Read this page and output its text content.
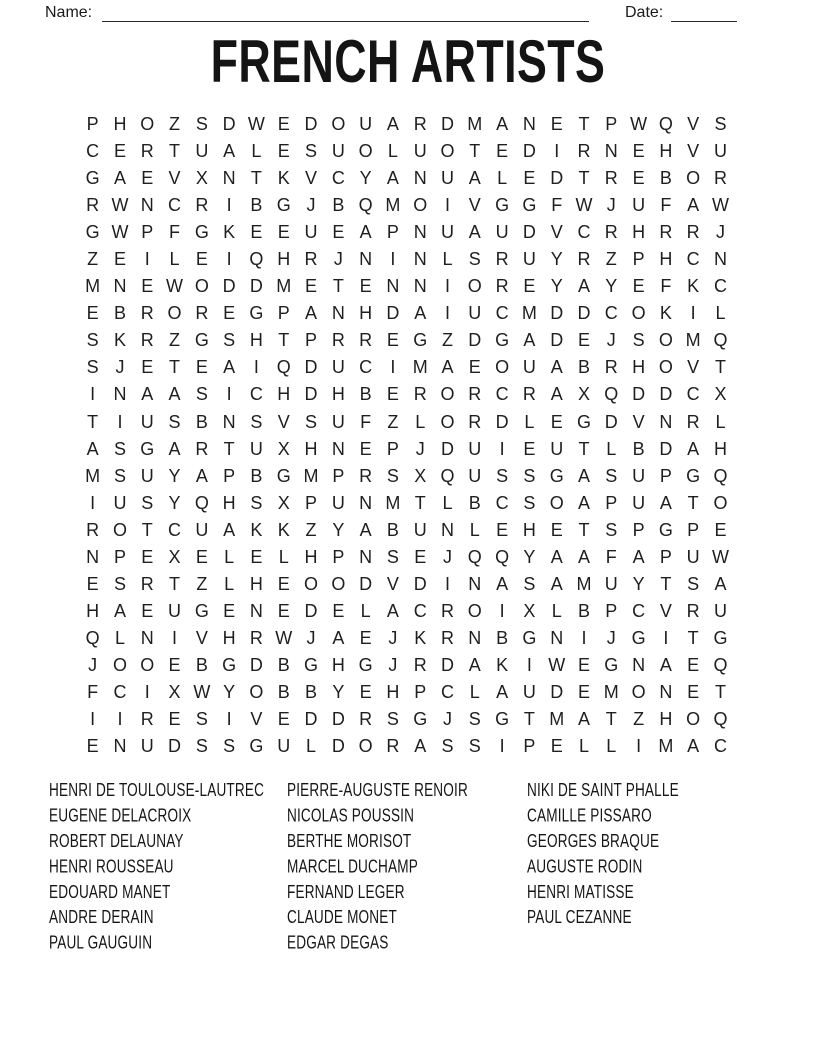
Name:	Date:
FRENCH ARTISTS
P H O Z S D W E D O U A R D M A N E T P W Q V S
C E R T U A L E S U O L U O T E D	I	R N E H V U
G A E V X N T K V C Y A N U A L E D T R E B O R
R W N C R	I	B G J B Q M O I	V G G F W J U F A W
G W P F G K E E U E A P N U A U D V C R H R R J
Z E	I	L E	I Q H R J N	I	N L S R U Y R Z P H C N
M N E W O D D M E T E N N	I O R E Y A Y E F K C
E B R O R E G P A N H D A	I	U C M D D C O K	I	L
S K R Z G S H T P R R E G Z D G A D E J S O M Q
S J E T E A	I Q D U C	I M A E O U A B R H O V T
I	N A A S	I	C H D H B E R O R C R A X Q D D C X
T	I	U S B N S V S U F Z L O R D L E G D V N R L
A S G A R T U X H N E P J D U	I	E U T L B D A H
M S U Y A P B G M P R S X Q U S S G A S U P G Q
I	U S Y Q H S X P U N M T L B C S O A P U A T O
R O T C U A K K Z Y A B U N L E H E T S P G P E
N P E X E L E L H P N S E J Q Q Y A A F A P U W
E S R T Z L H E O O D V D	I	N A S A M U Y T S A
H A E U G E N E D E L A C R O I	X L B P C V R U
Q L N	I	V H R W J A E J K R N B G N	I	J G I	T G
J O O E B G D B G H G J R D A K	I W E G N A E Q
F C	I	X W Y O B B Y E H P C L A U D E M O N E T
I	I	R E S	I	V E D D R S G J S G T M A T Z H O Q
E N U D S S G U L D O R A S S	I	P E L L	I M A C
HENRI DE TOULOUSE-LAUTREC
EUGENE DELACROIX
ROBERT DELAUNAY
HENRI ROUSSEAU
EDOUARD MANET
ANDRE DERAIN
PAUL GAUGUIN
PIERRE-AUGUSTE RENOIR
NICOLAS POUSSIN
BERTHE MORISOT
MARCEL DUCHAMP
FERNAND LEGER
CLAUDE MONET
EDGAR DEGAS
NIKI DE SAINT PHALLE
CAMILLE PISSARO
GEORGES BRAQUE
AUGUSTE RODIN
HENRI MATISSE
PAUL CEZANNE
